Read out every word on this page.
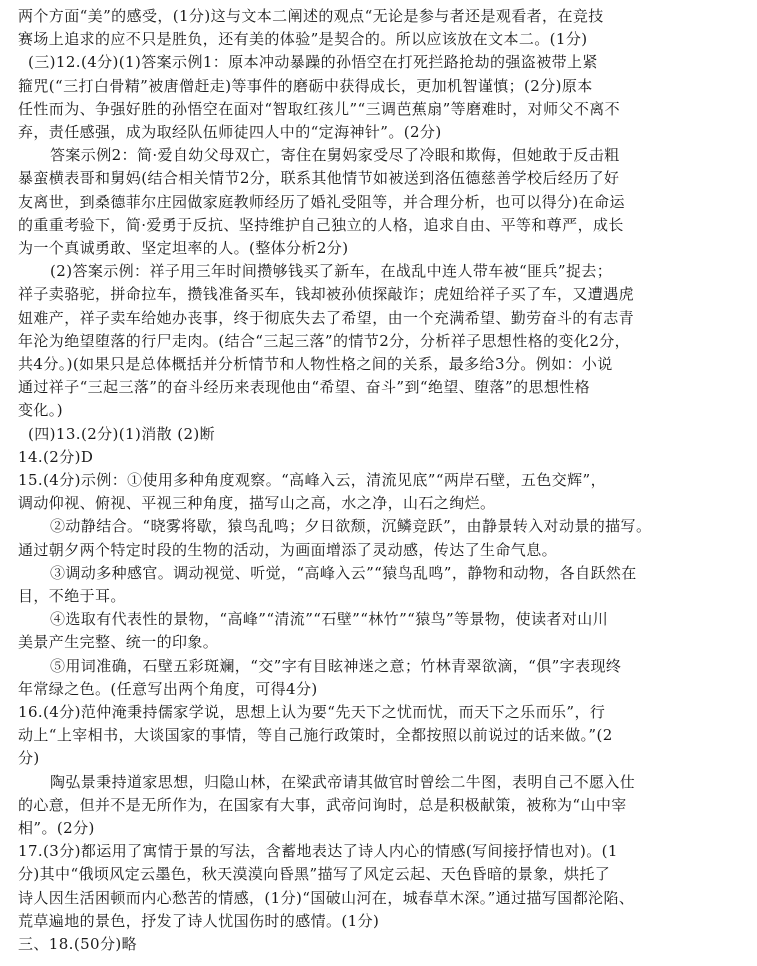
两个方面“美”的感受，(1分)这与文本二阐述的观点“无论是参与者还是观看者，在竞技
赛场上追求的应不只是胜负，还有美的体验”是契合的。所以应该放在文本二。(1分)
(三)12.(4分)(1)答案示例1：原本冲动暴躁的孙悟空在打死拦路抢劫的强盗被带上紧
箍咒(“三打白骨精”被唐僧赶走)等事件的磨砺中获得成长，更加机智谨慎；(2分)原本
任性而为、争强好胜的孙悟空在面对“智取红孩儿”“三调芭蕉扇”等磨难时，对师父不离不
弃，责任感强，成为取经队伍师徒四人中的“定海神针”。(2分)
答案示例2：简·爱自幼父母双亡，寄住在舅妈家受尽了冷眼和欺侮，但她敢于反击粗
暴蛮横表哥和舅妈(结合相关情节2分，联系其他情节如被送到洛伍德慈善学校后经历了好
友离世，到桑德菲尔庄园做家庭教师经历了婚礼受阻等，并合理分析，也可以得分)在命运
的重重考验下，简·爱勇于反抗、坚持维护自己独立的人格，追求自由、平等和尊严，成长
为一个真诚勇敢、坚定坦率的人。(整体分析2分)
(2)答案示例：祥子用三年时间攒够钱买了新车，在战乱中连人带车被“匪兵”捉去；
祥子卖骆驼，拼命拉车，攒钱准备买车，钱却被孙侦探敲诈；虎妞给祥子买了车，又遭遇虎
妞难产，祥子卖车给她办丧事，终于彻底失去了希望，由一个充满希望、勤劳奋斗的有志青
年沦为绝望堕落的行尸走肉。(结合“三起三落”的情节2分，分析祥子思想性格的变化2分，
共4分。)(如果只是总体概括并分析情节和人物性格之间的关系，最多给3分。例如：小说
通过祥子“三起三落”的奋斗经历来表现他由“希望、奋斗”到“绝望、堕落”的思想性格
变化。)
(四)13.(2分)(1)消散 (2)断
14.(2分)D
15.(4分)示例：①使用多种角度观察。“高峰入云，清流见底”“两岸石壁，五色交辉”，
调动仰视、俯视、平视三种角度，描写山之高，水之净，山石之绚烂。
②动静结合。“晓雾将歇，猿鸟乱鸣；夕日欲颓，沉鳞竞跃”，由静景转入对动景的描写。
通过朝夕两个特定时段的生物的活动，为画面增添了灵动感，传达了生命气息。
③调动多种感官。调动视觉、听觉，“高峰入云”“猿鸟乱鸣”，静物和动物，各自跃然在
目，不绝于耳。
④选取有代表性的景物，“高峰”“清流”“石壁”“林竹”“猿鸟”等景物，使读者对山川
美景产生完整、统一的印象。
⑤用词准确，石壁五彩斑斓，“交”字有目眩神迷之意；竹林青翠欲滴，“俱”字表现终
年常绿之色。(任意写出两个角度，可得4分)
16.(4分)范仲淹秉持儒家学说，思想上认为要“先天下之忧而忧，而天下之乐而乐”，行
动上“上宰相书，大谈国家的事情，等自己施行政策时，全都按照以前说过的话来做。”(2
分)
陶弘景秉持道家思想，归隐山林，在梁武帝请其做官时曾绘二牛图，表明自己不愿入仕
的心意，但并不是无所作为，在国家有大事，武帝问询时，总是积极献策，被称为“山中宰
相”。(2分)
17.(3分)都运用了寓情于景的写法，含蓄地表达了诗人内心的情感(写间接抒情也对)。(1
分)其中“俄顷风定云墨色，秋天漠漠向昏黑”描写了风定云起、天色昏暗的景象，烘托了
诗人因生活困顿而内心愁苦的情感，(1分)“国破山河在，城春草木深。”通过描写国都沦陷、
荒草遍地的景色，抒发了诗人忧国伤时的感情。(1分)
三、18.(50分)略
